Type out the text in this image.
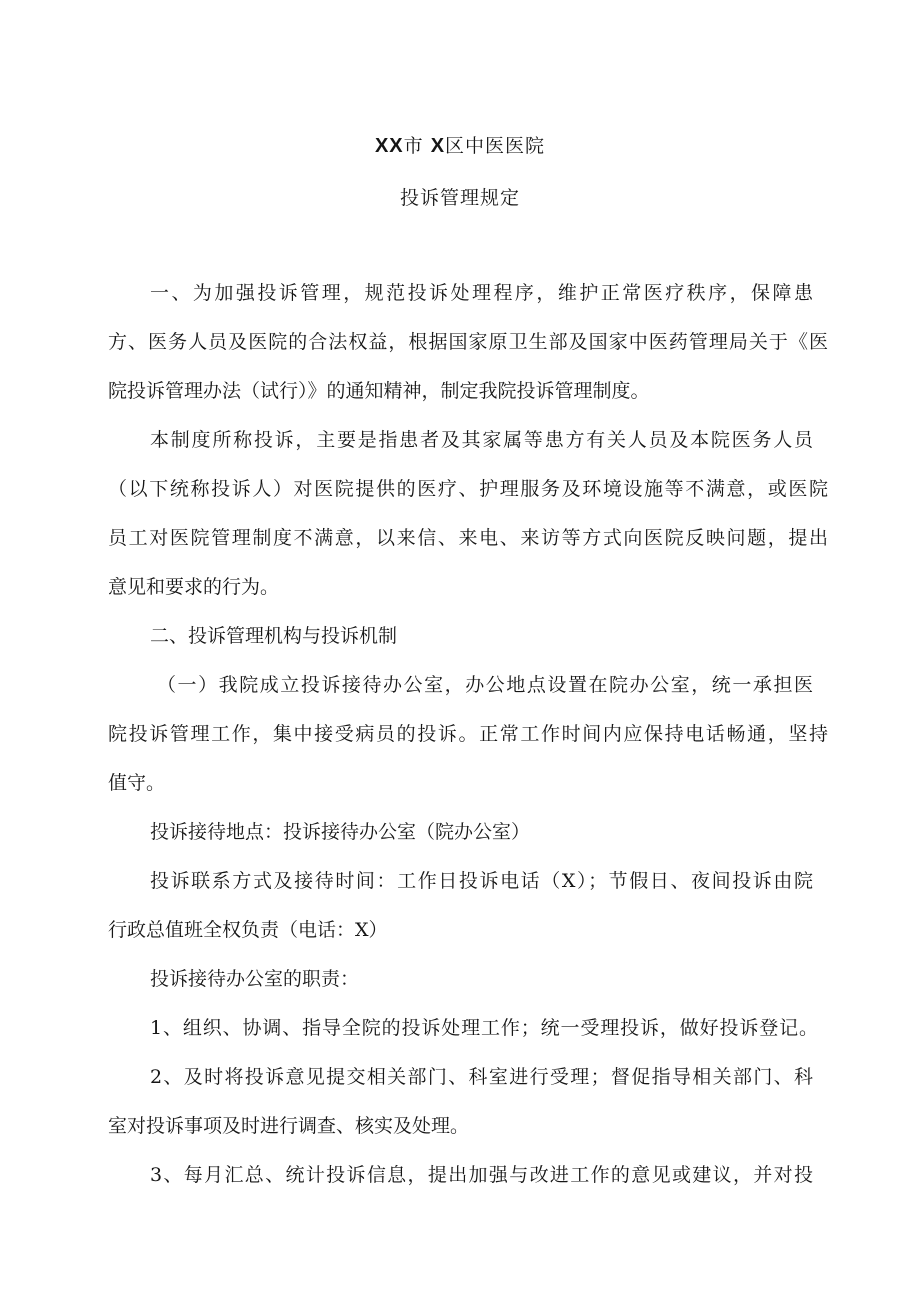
XX市 X区中医医院
投诉管理规定
一、为加强投诉管理，规范投诉处理程序，维护正常医疗秩序，保障患
方、医务人员及医院的合法权益，根据国家原卫生部及国家中医药管理局关于《医
院投诉管理办法（试行）》的通知精神，制定我院投诉管理制度。
本制度所称投诉，主要是指患者及其家属等患方有关人员及本院医务人员
（以下统称投诉人）对医院提供的医疗、护理服务及环境设施等不满意，或医院
员工对医院管理制度不满意，以来信、来电、来访等方式向医院反映问题，提出
意见和要求的行为。
二、投诉管理机构与投诉机制
（一）我院成立投诉接待办公室，办公地点设置在院办公室，统一承担医
院投诉管理工作，集中接受病员的投诉。正常工作时间内应保持电话畅通，坚持
值守。
投诉接待地点：投诉接待办公室（院办公室）
投诉联系方式及接待时间：工作日投诉电话（X）；节假日、夜间投诉由院
行政总值班全权负责（电话：X）
投诉接待办公室的职责：
1、组织、协调、指导全院的投诉处理工作；统一受理投诉，做好投诉登记。
2、及时将投诉意见提交相关部门、科室进行受理；督促指导相关部门、科
室对投诉事项及时进行调查、核实及处理。
3、每月汇总、统计投诉信息，提出加强与改进工作的意见或建议，并对投
